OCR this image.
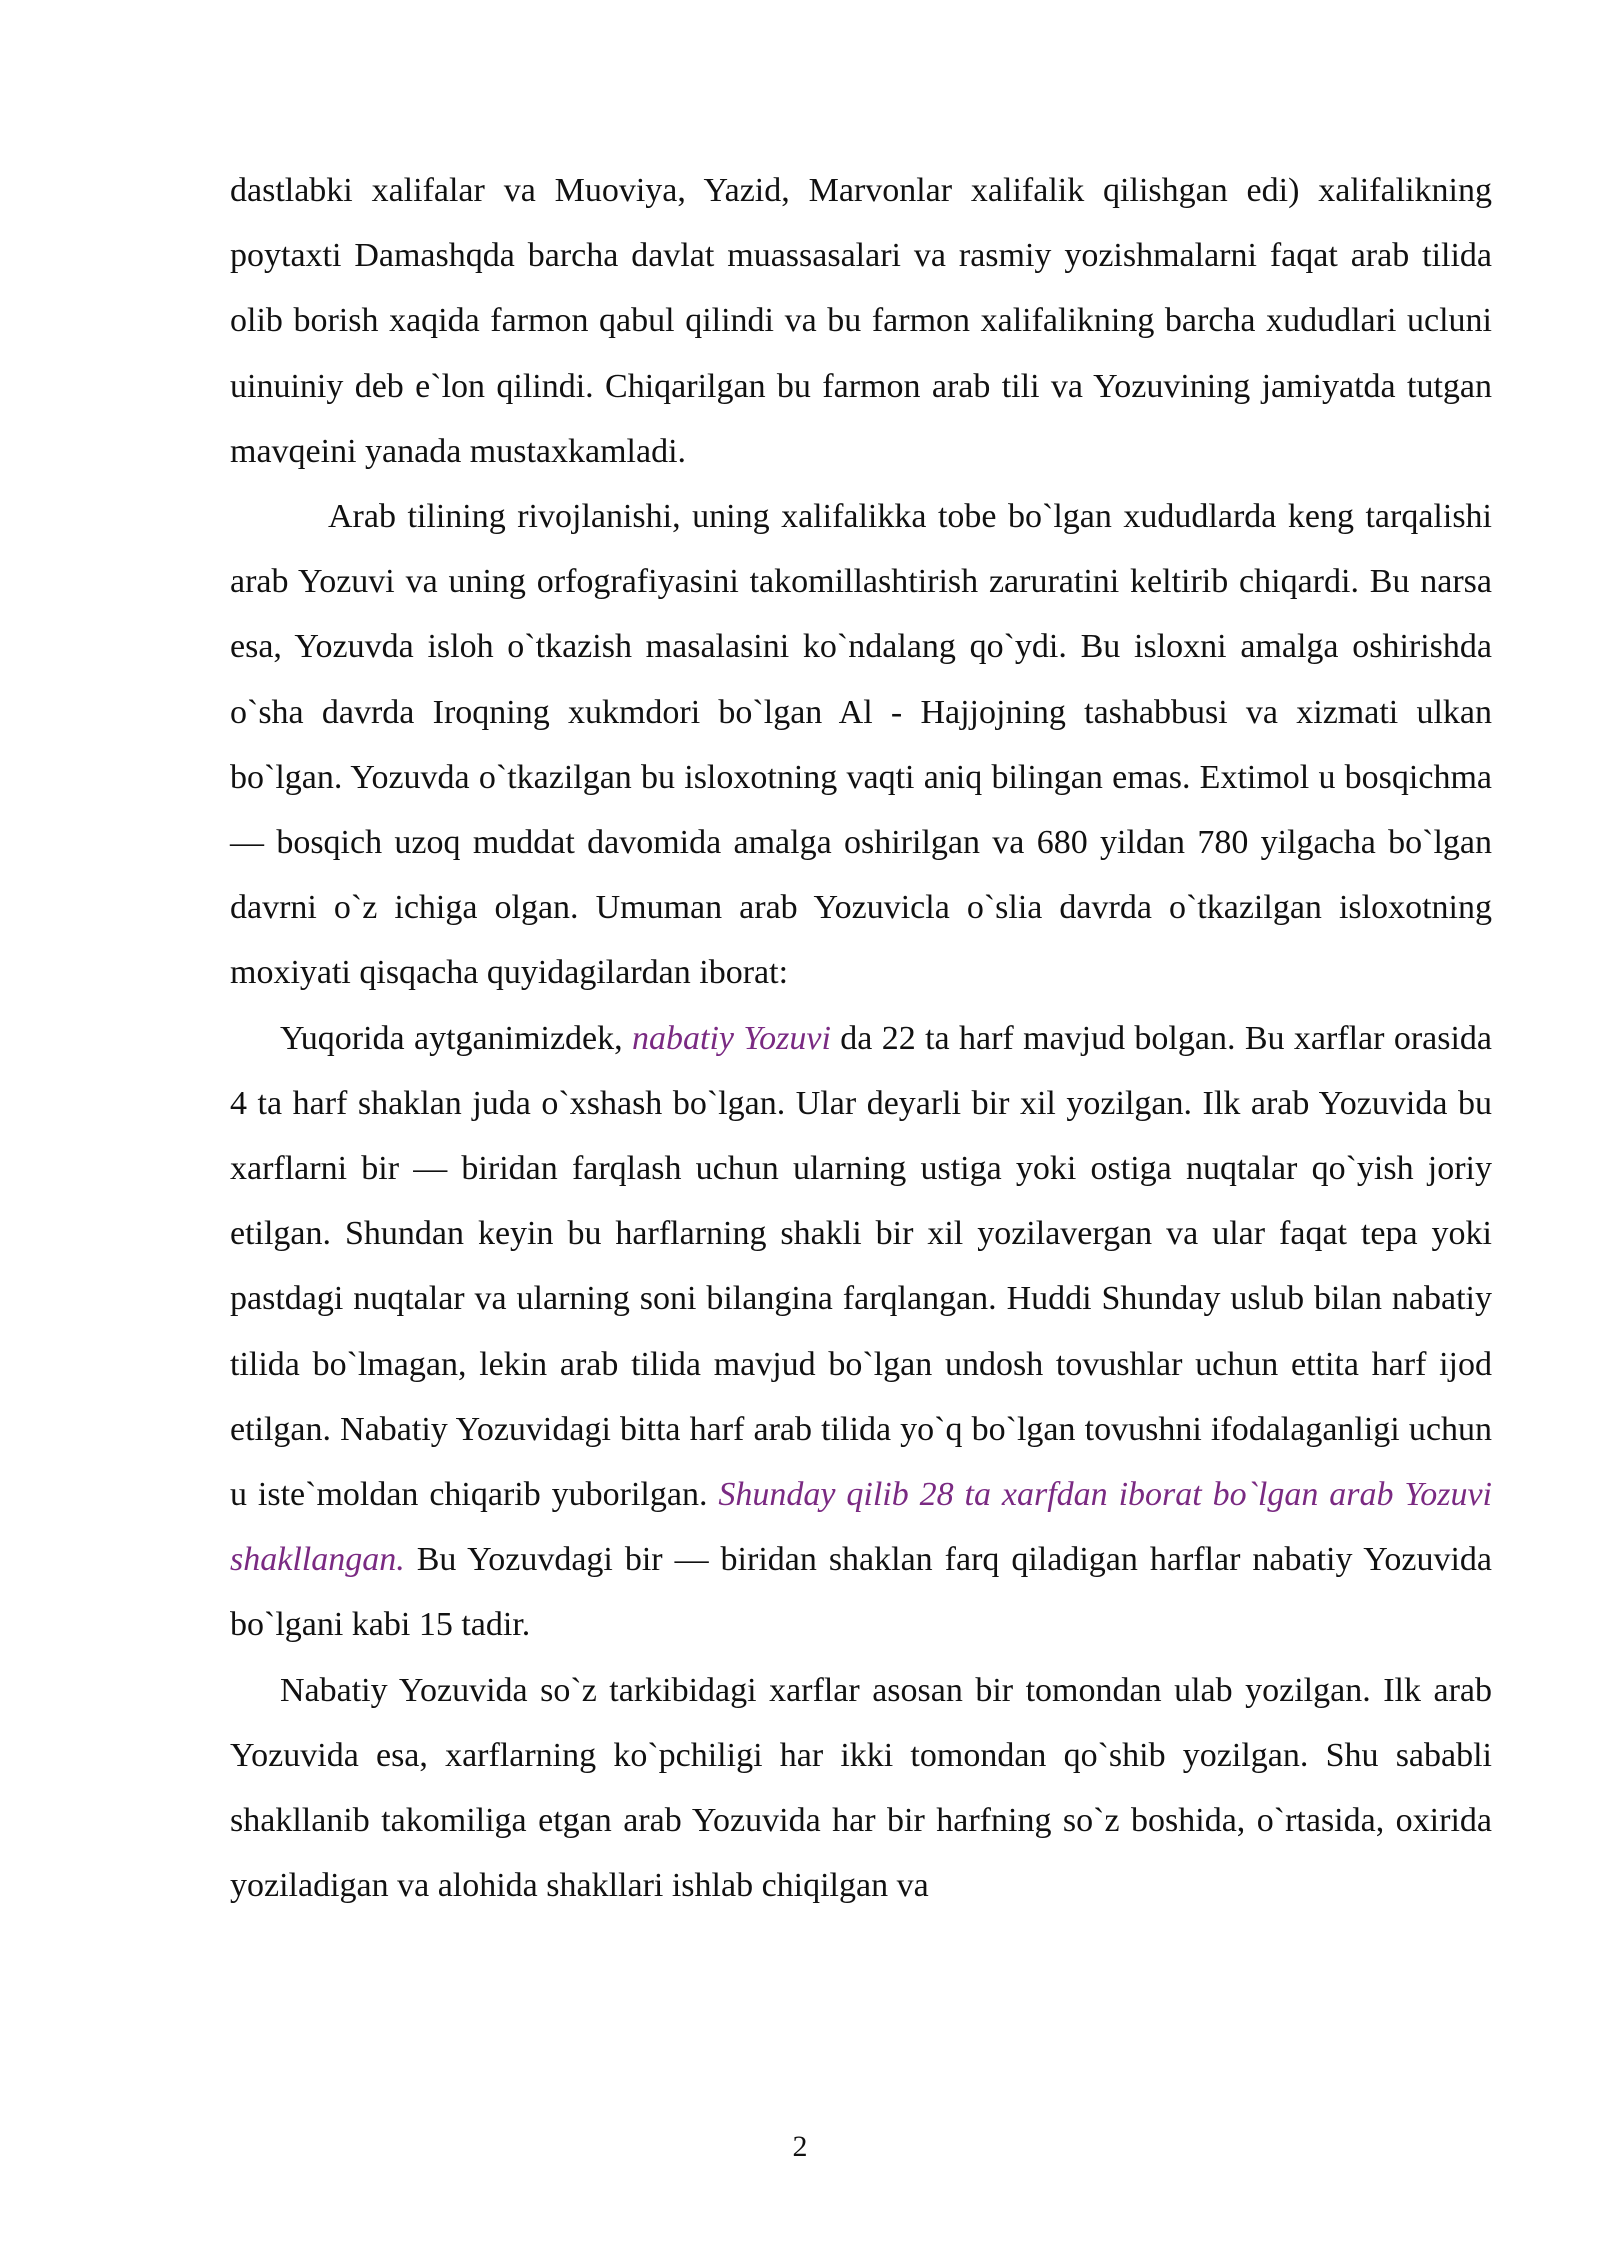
dastlabki xalifalar va Muoviya, Yazid, Marvonlar xalifalik qilishgan edi) xalifalikning poytaxti Damashqda barcha davlat muassasalari va rasmiy yozishmalarni faqat arab tilida olib borish xaqida farmon qabul qilindi va bu farmon xalifalikning barcha xududlari ucluni uinuiniy deb e`lon qilindi. Chiqarilgan bu farmon arab tili va Yozuvining jamiyatda tutgan mavqeini yanada mustaxkamladi.

Arab tilining rivojlanishi, uning xalifalikka tobe bo`lgan xududlarda keng tarqalishi arab Yozuvi va uning orfografiyasini takomillashtirish zaruratini keltirib chiqardi. Bu narsa esa, Yozuvda isloh o`tkazish masalasini ko`ndalang qo`ydi. Bu isloxni amalga oshirishda o`sha davrda Iroqning xukmdori bo`lgan Al - Hajjojning tashabbusi va xizmati ulkan bo`lgan. Yozuvda o`tkazilgan bu isloxotning vaqti aniq bilingan emas. Extimol u bosqichma — bosqich uzoq muddat davomida amalga oshirilgan va 680 yildan 780 yilgacha bo`lgan davrni o`z ichiga olgan. Umuman arab Yozuvicla o`slia davrda o`tkazilgan isloxotning moxiyati qisqacha quyidagilardan iborat:

Yuqorida aytganimizdek, nabatiy Yozuvi da 22 ta harf mavjud bolgan. Bu xarflar orasida 4 ta harf shaklan juda o`xshash bo`lgan. Ular deyarli bir xil yozilgan. Ilk arab Yozuvida bu xarflarni bir — biridan farqlash uchun ularning ustiga yoki ostiga nuqtalar qo`yish joriy etilgan. Shundan keyin bu harflarning shakli bir xil yozilavergan va ular faqat tepa yoki pastdagi nuqtalar va ularning soni bilangina farqlangan. Huddi Shunday uslub bilan nabatiy tilida bo`lmagan, lekin arab tilida mavjud bo`lgan undosh tovushlar uchun ettita harf ijod etilgan. Nabatiy Yozuvidagi bitta harf arab tilida yo`q bo`lgan tovushni ifodalaganligi uchun u iste`moldan chiqarib yuborilgan. Shunday qilib 28 ta xarfdan iborat bo`lgan arab Yozuvi shakllangan. Bu Yozuvdagi bir — biridan shaklan farq qiladigan harflar nabatiy Yozuvida bo`lgani kabi 15 tadir.

Nabatiy Yozuvida so`z tarkibidagi xarflar asosan bir tomondan ulab yozilgan. Ilk arab Yozuvida esa, xarflarning ko`pchiligi har ikki tomondan qo`shib yozilgan. Shu sababli shakllanib takomiliga etgan arab Yozuvida har bir harfning so`z boshida, o`rtasida, oxirida yoziladigan va alohida shakllari ishlab chiqilgan va

2
